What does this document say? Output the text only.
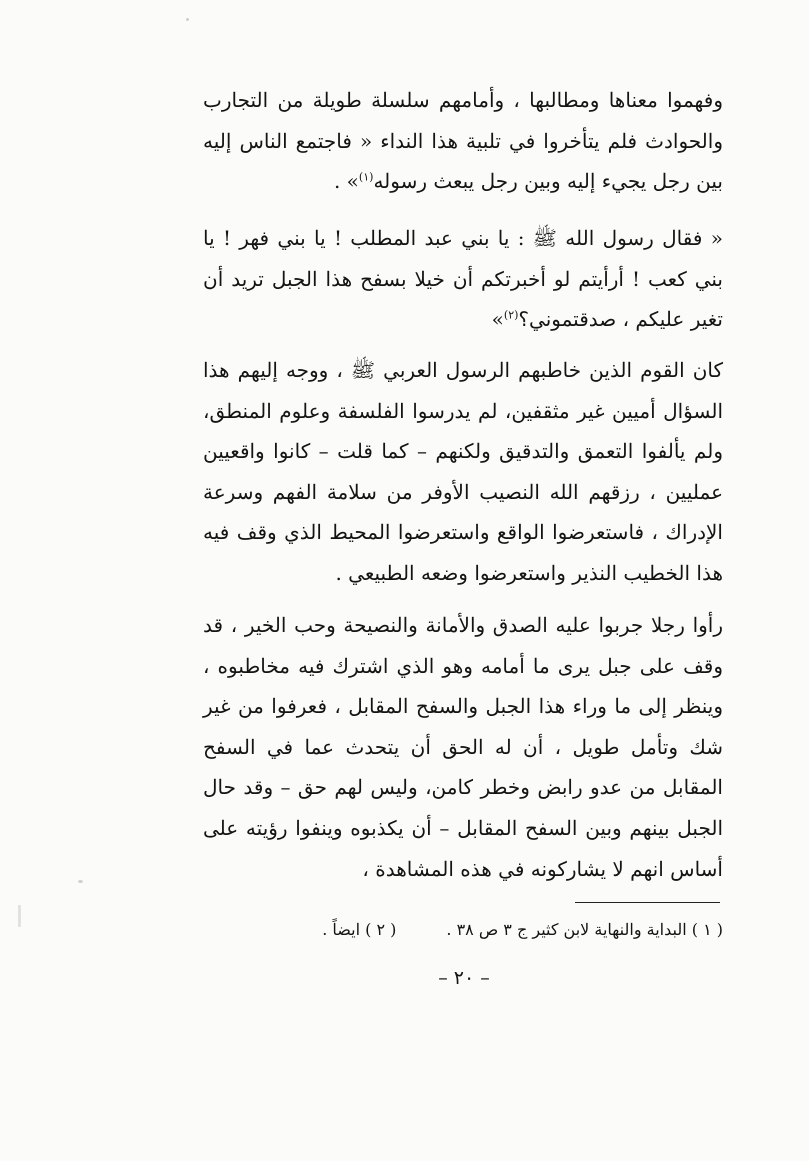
وفهموا معناها ومطالبها ، وأمامهم سلسلة طويلة من التجارب والحوادث فلم يتأخروا في تلبية هذا النداء « فاجتمع الناس إليه بين رجل يجيء إليه وبين رجل يبعث رسوله$^{(١)}$» .

« فقال رسول الله ﷺ : يا بني عبد المطلب ! يا بني فهر ! يا بني كعب ! أرأيتم لو أخبرتكم أن خيلا بسفح هذا الجبل تريد أن تغير عليكم ، صدقتموني؟$^{(٢)}$»

كان القوم الذين خاطبهم الرسول العربي ﷺ ، ووجه إليهم هذا السؤال أميين غير مثقفين، لم يدرسوا الفلسفة وعلوم المنطق، ولم يألفوا التعمق والتدقيق ولكنهم – كما قلت – كانوا واقعيين عمليين ، رزقهم الله النصيب الأوفر من سلامة الفهم وسرعة الإدراك ، فاستعرضوا الواقع واستعرضوا المحيط الذي وقف فيه هذا الخطيب النذير واستعرضوا وضعه الطبيعي .

رأوا رجلا جربوا عليه الصدق والأمانة والنصيحة وحب الخير ، قد وقف على جبل يرى ما أمامه وهو الذي اشترك فيه مخاطبوه ، وينظر إلى ما وراء هذا الجبل والسفح المقابل ، فعرفوا من غير شك وتأمل طويل ، أن له الحق أن يتحدث عما في السفح المقابل من عدو رابض وخطر كامن، وليس لهم حق – وقد حال الجبل بينهم وبين السفح المقابل – أن يكذبوه وينفوا رؤيته على أساس انهم لا يشاركونه في هذه المشاهدة ،

( ١ ) البداية والنهاية لابن كثير ج ٣ ص ٣٨ .( ٢ ) ايضاً .
– ٢٠ –
